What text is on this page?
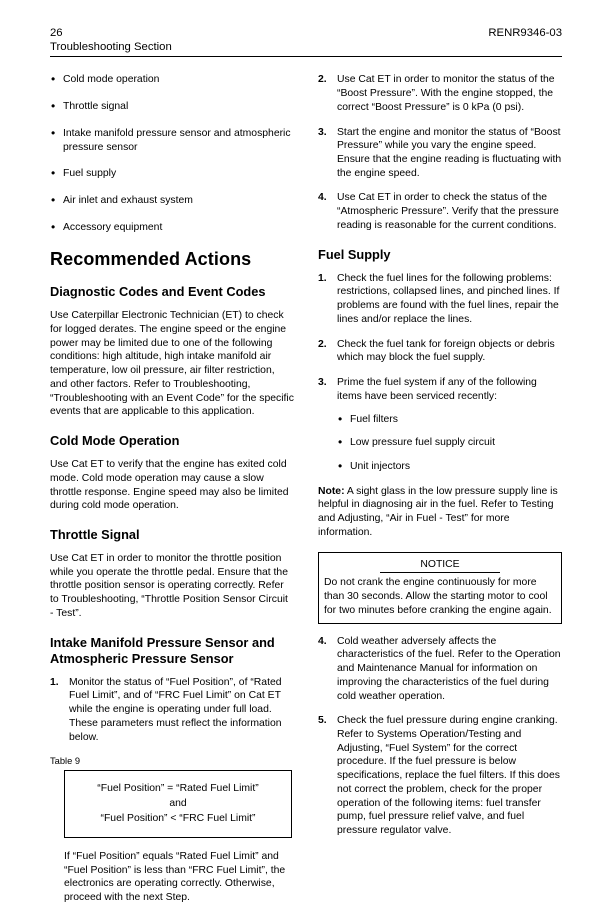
26
Troubleshooting Section
RENR9346-03
• Cold mode operation
• Throttle signal
• Intake manifold pressure sensor and atmospheric pressure sensor
• Fuel supply
• Air inlet and exhaust system
• Accessory equipment
Recommended Actions
Diagnostic Codes and Event Codes

Use Caterpillar Electronic Technician (ET) to check for logged derates. The engine speed or the engine power may be limited due to one of the following conditions: high altitude, high intake manifold air temperature, low oil pressure, air filter restriction, and other factors. Refer to Troubleshooting, “Troubleshooting with an Event Code” for the specific events that are applicable to this application.

Cold Mode Operation

Use Cat ET to verify that the engine has exited cold mode. Cold mode operation may cause a slow throttle response. Engine speed may also be limited during cold mode operation.

Throttle Signal

Use Cat ET in order to monitor the throttle position while you operate the throttle pedal. Ensure that the throttle position sensor is operating correctly. Refer to Troubleshooting, “Throttle Position Sensor Circuit - Test”.

Intake Manifold Pressure Sensor and Atmospheric Pressure Sensor
1. Monitor the status of “Fuel Position”, of “Rated Fuel Limit”, and of “FRC Fuel Limit” on Cat ET while the engine is operating under full load. These parameters must reflect the information below.
Table 9
“Fuel Position” = “Rated Fuel Limit”
and
“Fuel Position” < “FRC Fuel Limit”

If “Fuel Position” equals “Rated Fuel Limit” and “Fuel Position” is less than “FRC Fuel Limit”, the electronics are operating correctly. Otherwise, proceed with the next Step.

2. Use Cat ET in order to monitor the status of the “Boost Pressure”. With the engine stopped, the correct “Boost Pressure” is 0 kPa (0 psi).
3. Start the engine and monitor the status of “Boost Pressure” while you vary the engine speed. Ensure that the engine reading is fluctuating with the engine speed.
4. Use Cat ET in order to check the status of the “Atmospheric Pressure”. Verify that the pressure reading is reasonable for the current conditions.
Fuel Supply
1. Check the fuel lines for the following problems: restrictions, collapsed lines, and pinched lines. If problems are found with the fuel lines, repair the lines and/or replace the lines.
2. Check the fuel tank for foreign objects or debris which may block the fuel supply.
3. Prime the fuel system if any of the following items have been serviced recently:
• Fuel filters
• Low pressure fuel supply circuit
• Unit injectors

Note: A sight glass in the low pressure supply line is helpful in diagnosing air in the fuel. Refer to Testing and Adjusting, “Air in Fuel - Test” for more information.

NOTICE
Do not crank the engine continuously for more than 30 seconds. Allow the starting motor to cool for two minutes before cranking the engine again.
4. Cold weather adversely affects the characteristics of the fuel. Refer to the Operation and Maintenance Manual for information on improving the characteristics of the fuel during cold weather operation.
5. Check the fuel pressure during engine cranking. Refer to Systems Operation/Testing and Adjusting, “Fuel System” for the correct procedure. If the fuel pressure is below specifications, replace the fuel filters. If this does not correct the problem, check for the proper operation of the following items: fuel transfer pump, fuel pressure relief valve, and fuel pressure regulator valve.
